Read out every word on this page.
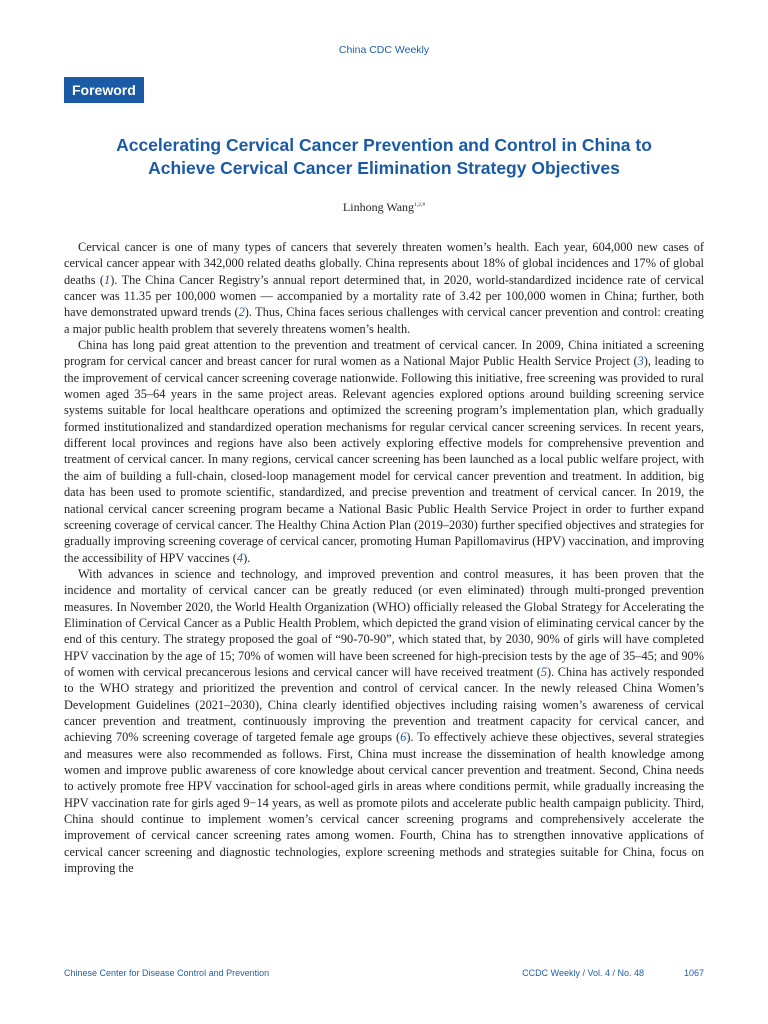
China CDC Weekly
Foreword
Accelerating Cervical Cancer Prevention and Control in China to
Achieve Cervical Cancer Elimination Strategy Objectives
Linhong Wang$^{1,2,\#}$

Cervical cancer is one of many types of cancers that severely threaten women’s health. Each year, 604,000 new cases of cervical cancer appear with 342,000 related deaths globally. China represents about 18% of global incidences and 17% of global deaths (1). The China Cancer Registry’s annual report determined that, in 2020, world-standardized incidence rate of cervical cancer was 11.35 per 100,000 women — accompanied by a mortality rate of 3.42 per 100,000 women in China; further, both have demonstrated upward trends (2). Thus, China faces serious challenges with cervical cancer prevention and control: creating a major public health problem that severely threatens women’s health.

China has long paid great attention to the prevention and treatment of cervical cancer. In 2009, China initiated a screening program for cervical cancer and breast cancer for rural women as a National Major Public Health Service Project (3), leading to the improvement of cervical cancer screening coverage nationwide. Following this initiative, free screening was provided to rural women aged 35–64 years in the same project areas. Relevant agencies explored options around building screening service systems suitable for local healthcare operations and optimized the screening program’s implementation plan, which gradually formed institutionalized and standardized operation mechanisms for regular cervical cancer screening services. In recent years, different local provinces and regions have also been actively exploring effective models for comprehensive prevention and treatment of cervical cancer. In many regions, cervical cancer screening has been launched as a local public welfare project, with the aim of building a full-chain, closed-loop management model for cervical cancer prevention and treatment. In addition, big data has been used to promote scientific, standardized, and precise prevention and treatment of cervical cancer. In 2019, the national cervical cancer screening program became a National Basic Public Health Service Project in order to further expand screening coverage of cervical cancer. The Healthy China Action Plan (2019–2030) further specified objectives and strategies for gradually improving screening coverage of cervical cancer, promoting Human Papillomavirus (HPV) vaccination, and improving the accessibility of HPV vaccines (4).

With advances in science and technology, and improved prevention and control measures, it has been proven that the incidence and mortality of cervical cancer can be greatly reduced (or even eliminated) through multi-pronged prevention measures. In November 2020, the World Health Organization (WHO) officially released the Global Strategy for Accelerating the Elimination of Cervical Cancer as a Public Health Problem, which depicted the grand vision of eliminating cervical cancer by the end of this century. The strategy proposed the goal of “90-70-90”, which stated that, by 2030, 90% of girls will have completed HPV vaccination by the age of 15; 70% of women will have been screened for high-precision tests by the age of 35–45; and 90% of women with cervical precancerous lesions and cervical cancer will have received treatment (5). China has actively responded to the WHO strategy and prioritized the prevention and control of cervical cancer. In the newly released China Women’s Development Guidelines (2021–2030), China clearly identified objectives including raising women’s awareness of cervical cancer prevention and treatment, continuously improving the prevention and treatment capacity for cervical cancer, and achieving 70% screening coverage of targeted female age groups (6). To effectively achieve these objectives, several strategies and measures were also recommended as follows. First, China must increase the dissemination of health knowledge among women and improve public awareness of core knowledge about cervical cancer prevention and treatment. Second, China needs to actively promote free HPV vaccination for school-aged girls in areas where conditions permit, while gradually increasing the HPV vaccination rate for girls aged 9−14 years, as well as promote pilots and accelerate public health campaign publicity. Third, China should continue to implement women’s cervical cancer screening programs and comprehensively accelerate the improvement of cervical cancer screening rates among women. Fourth, China has to strengthen innovative applications of cervical cancer screening and diagnostic technologies, explore screening methods and strategies suitable for China, focus on improving the

Chinese Center for Disease Control and Prevention	CCDC Weekly / Vol. 4 / No. 48	1067
